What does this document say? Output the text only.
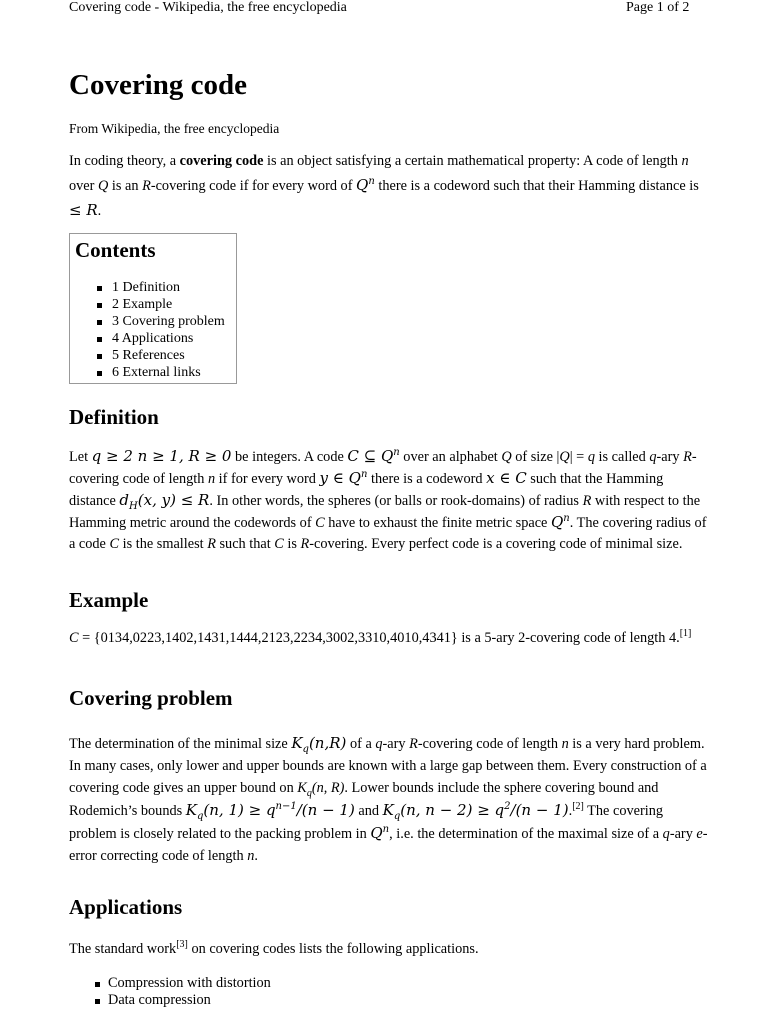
Covering code - Wikipedia, the free encyclopedia	Page 1 of 2
Covering code
From Wikipedia, the free encyclopedia

In coding theory, a covering code is an object satisfying a certain mathematical property: A code of length n over Q is an R-covering code if for every word of $Q^n$ there is a codeword such that their Hamming distance is ≤ R.

Contents
1 Definition
2 Example
3 Covering problem
4 Applications
5 References
6 External links
Definition

Let q ≥ 2 n ≥ 1, R ≥ 0 be integers. A code C ⊆ $Q^n$ over an alphabet Q of size |Q| = q is called q-ary R-covering code of length n if for every word y ∈ $Q^n$ there is a codeword x ∈ C such that the Hamming distance $d_H(x$, y) ≤ R. In other words, the spheres (or balls or rook-domains) of radius R with respect to the Hamming metric around the codewords of C have to exhaust the finite metric space $Q^n$. The covering radius of a code C is the smallest R such that C is R-covering. Every perfect code is a covering code of minimal size.

Example

C = {0134,0223,1402,1431,1444,2123,2234,3002,3310,4010,4341} is a 5-ary 2-covering code of length 4.[1]

Covering problem

The determination of the minimal size $K_q(n,R)$ of a q-ary R-covering code of length n is a very hard problem. In many cases, only lower and upper bounds are known with a large gap between them. Every construction of a covering code gives an upper bound on $K_q(n$, R). Lower bounds include the sphere covering bound and Rodemich’s bounds $K_q(n$, $1) \ge q^{n-1}/(n - 1)$ and $K_q(n$, $n - 2) \ge q^2/(n - 1).[2]$ The covering problem is closely related to the packing problem in $Q^n$, i.e. the determination of the maximal size of a q-ary e-error correcting code of length n.

Applications

The standard work[3] on covering codes lists the following applications.

Compression with distortion
Data compression
